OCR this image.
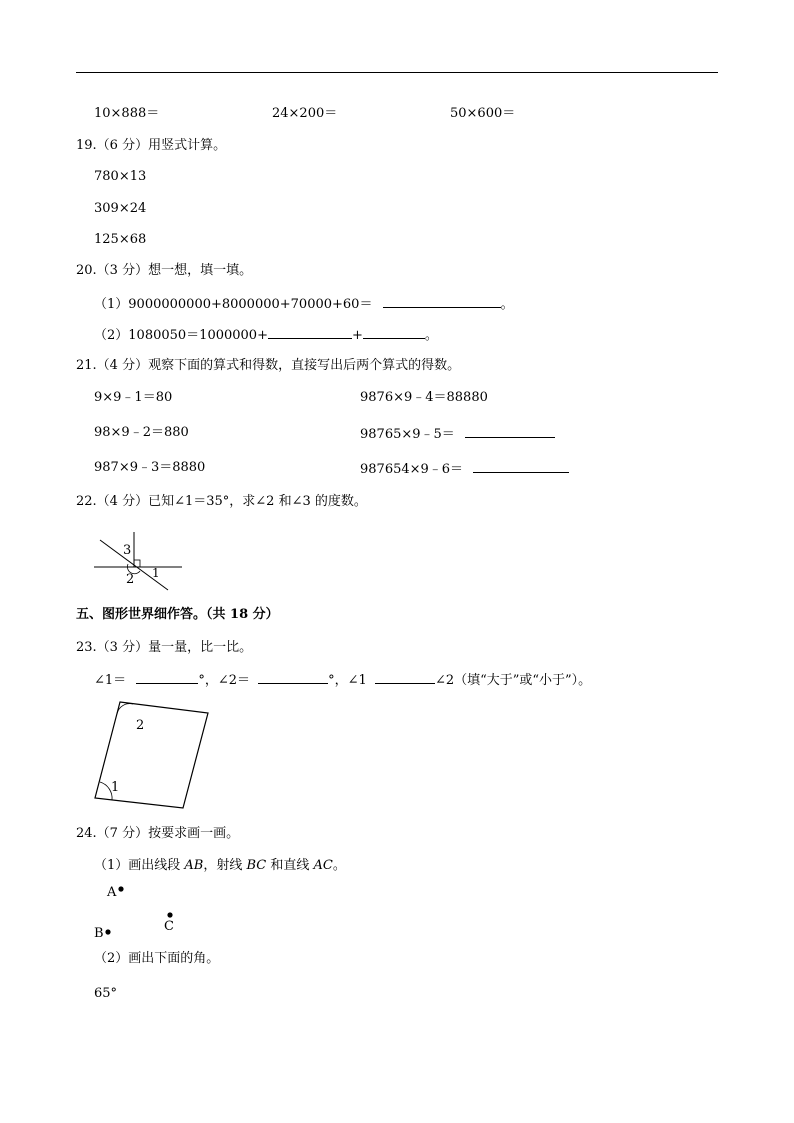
10×888＝	24×200＝	50×600＝
19.（6 分）用竖式计算。
780×13
309×24
125×68
20.（3 分）想一想，填一填。
（1）9000000000+8000000+70000+60＝	。
（2）1080050＝1000000+	+	。
21.（4 分）观察下面的算式和得数，直接写出后两个算式的得数。
9×9﹣1＝80
98×9﹣2＝880
987×9﹣3＝8880
9876×9﹣4＝88880
98765×9﹣5＝
987654×9﹣6＝
22.（4 分）已知∠1＝35°，求∠2 和∠3 的度数。
3
2 1
五、图形世界细作答。（共 18 分）
23.（3 分）量一量，比一比。
∠1＝	°，∠2＝	°，∠1	∠2（填“大于”或“小于”）。
2
1
24.（7 分）按要求画一画。
（1）画出线段 AB，射线 BC 和直线 AC。
A
B	C
（2）画出下面的角。
65°
